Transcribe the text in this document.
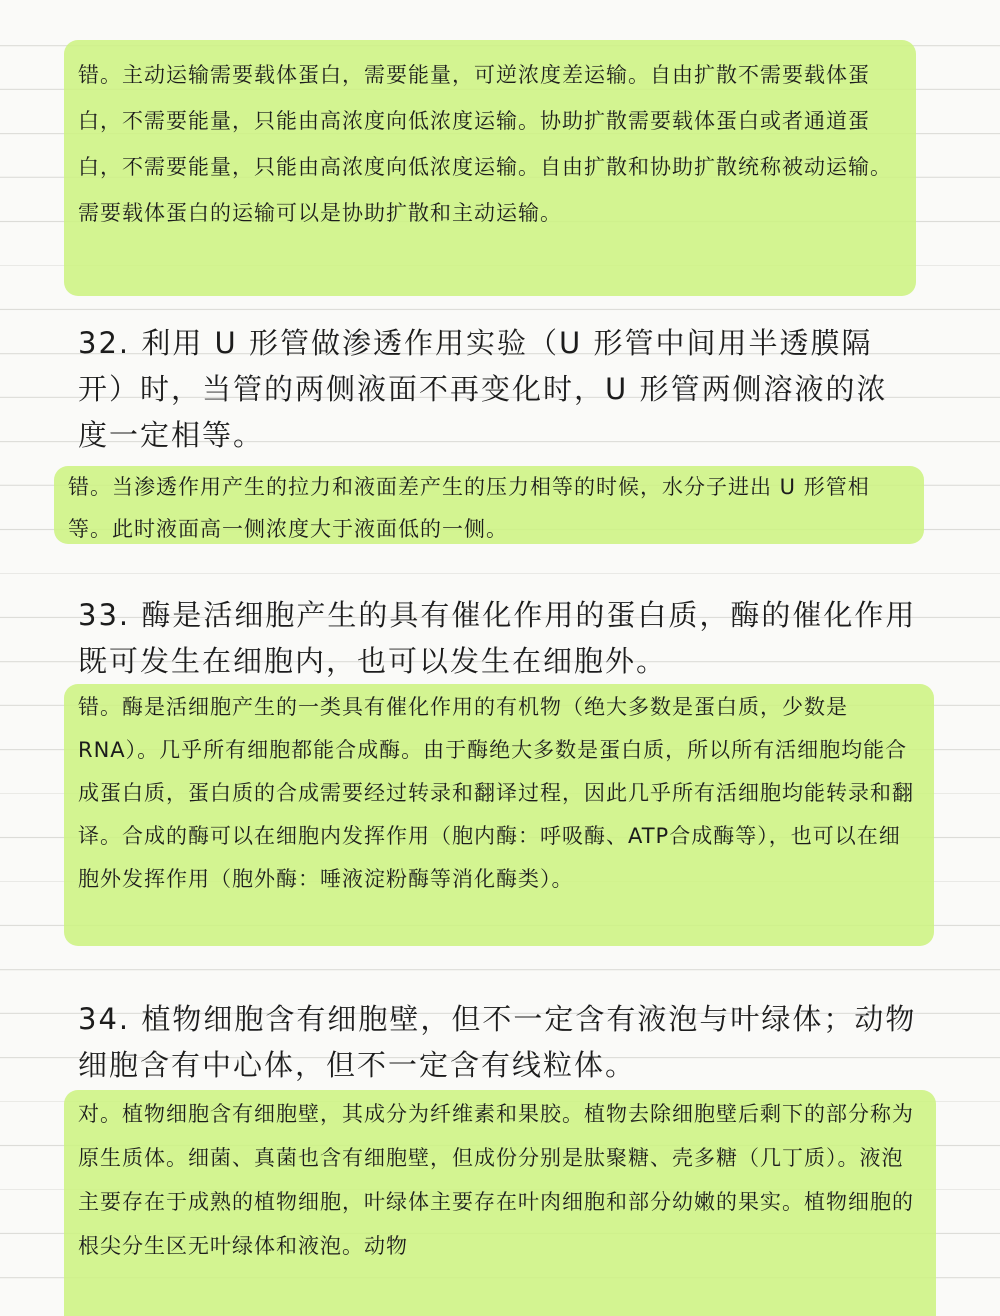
错。主动运输需要载体蛋白，需要能量，可逆浓度差运输。自由扩散不需要载体蛋白，不需要能量，只能由高浓度向低浓度运输。协助扩散需要载体蛋白或者通道蛋白，不需要能量，只能由高浓度向低浓度运输。自由扩散和协助扩散统称被动运输。需要载体蛋白的运输可以是协助扩散和主动运输。

32. 利用 U 形管做渗透作用实验（U 形管中间用半透膜隔开）时，当管的两侧液面不再变化时，U 形管两侧溶液的浓度一定相等。

错。当渗透作用产生的拉力和液面差产生的压力相等的时候，水分子进出 U 形管相等。此时液面高一侧浓度大于液面低的一侧。

33. 酶是活细胞产生的具有催化作用的蛋白质，酶的催化作用既可发生在细胞内，也可以发生在细胞外。

错。酶是活细胞产生的一类具有催化作用的有机物（绝大多数是蛋白质，少数是 RNA）。几乎所有细胞都能合成酶。由于酶绝大多数是蛋白质，所以所有活细胞均能合成蛋白质，蛋白质的合成需要经过转录和翻译过程，因此几乎所有活细胞均能转录和翻译。合成的酶可以在细胞内发挥作用（胞内酶：呼吸酶、ATP合成酶等），也可以在细胞外发挥作用（胞外酶：唾液淀粉酶等消化酶类）。

34. 植物细胞含有细胞壁，但不一定含有液泡与叶绿体；动物细胞含有中心体，但不一定含有线粒体。

对。植物细胞含有细胞壁，其成分为纤维素和果胶。植物去除细胞壁后剩下的部分称为原生质体。细菌、真菌也含有细胞壁，但成份分别是肽聚糖、壳多糖（几丁质）。液泡主要存在于成熟的植物细胞，叶绿体主要存在叶肉细胞和部分幼嫩的果实。植物细胞的根尖分生区无叶绿体和液泡。动物
